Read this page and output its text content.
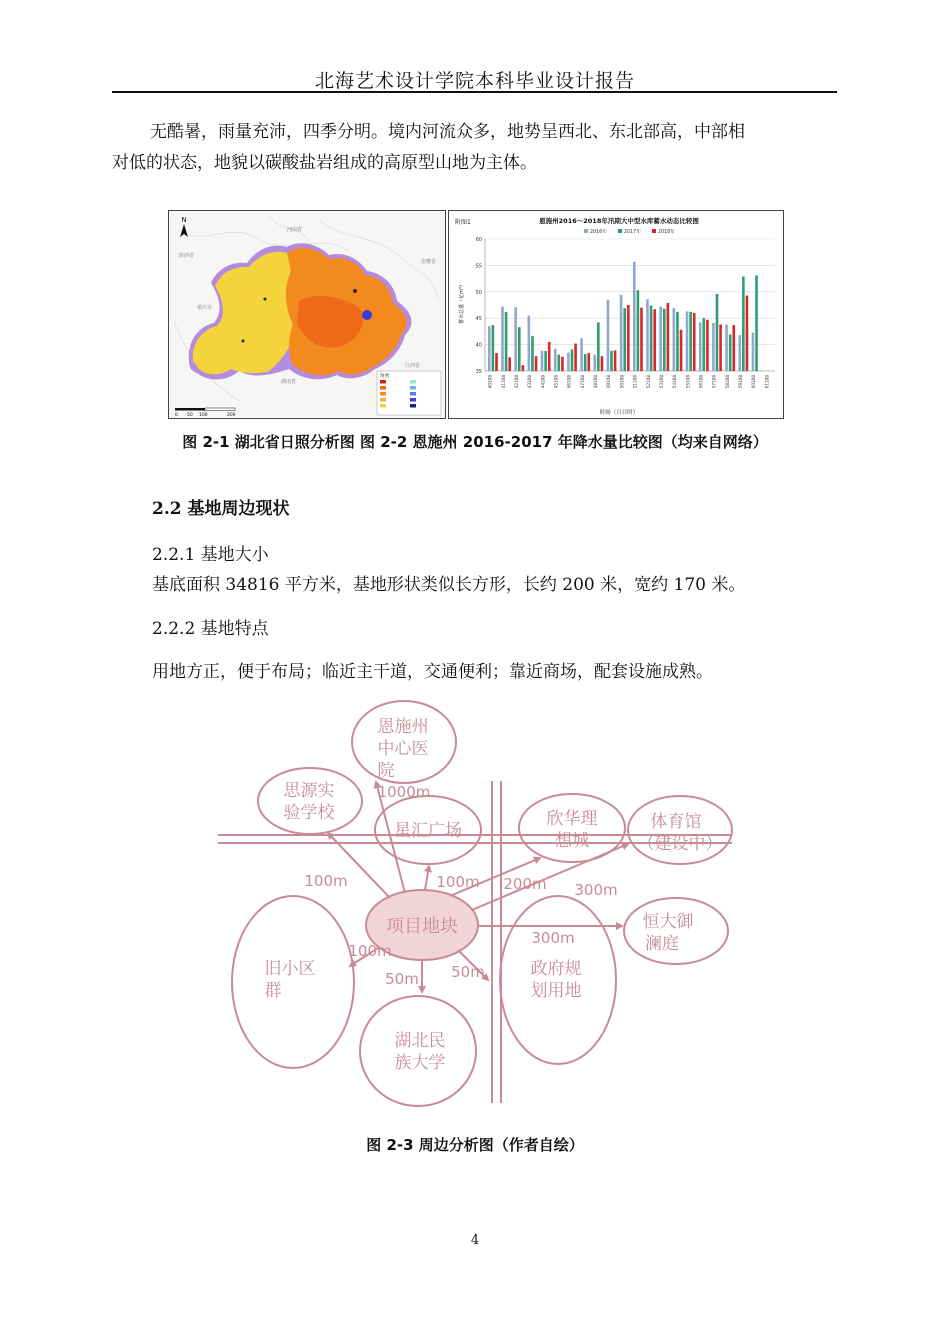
北海艺术设计学院本科毕业设计报告
无酷暑，雨量充沛，四季分明。境内河流众多，地势呈西北、东北部高，中部相
对低的状态，地貌以碳酸盐岩组成的高原型山地为主体。
陕西省
河南省
安徽省
重庆市
湖南省
江西省
N
图例
0 50 100	200
附图1	恩施州2016～2018年汛期大中型水库蓄水动态比较图
时间（月日时）
蓄水总量（亿m³）
35
40
45
50
55
60
2016年	2017年	2018年
40108 41108 42108 43108 44108 45108 46108 47108 48108 49108 50108 51108 52108 53108 54108 55108 56108 57108 58108 59108 60108 61108
图 2-1 湖北省日照分析图 图 2-2 恩施州 2016-2017 年降水量比较图（均来自网络）
2.2 基地周边现状
2.2.1 基地大小
基底面积 34816 平方米，基地形状类似长方形，长约 200 米，宽约 170 米。
2.2.2 基地特点
用地方正，便于布局；临近主干道，交通便利；靠近商场，配套设施成熟。
项目地块
恩施州
中心医
院
思源实
验学校
星汇广场
欣华理
想城
体育馆
（建设中）
恒大御
澜庭
旧小区
群
湖北民
族大学
政府规
划用地
1000m
100m	100m 200m 300m
300m
100m
50m 50m
图 2-3 周边分析图（作者自绘）
4
